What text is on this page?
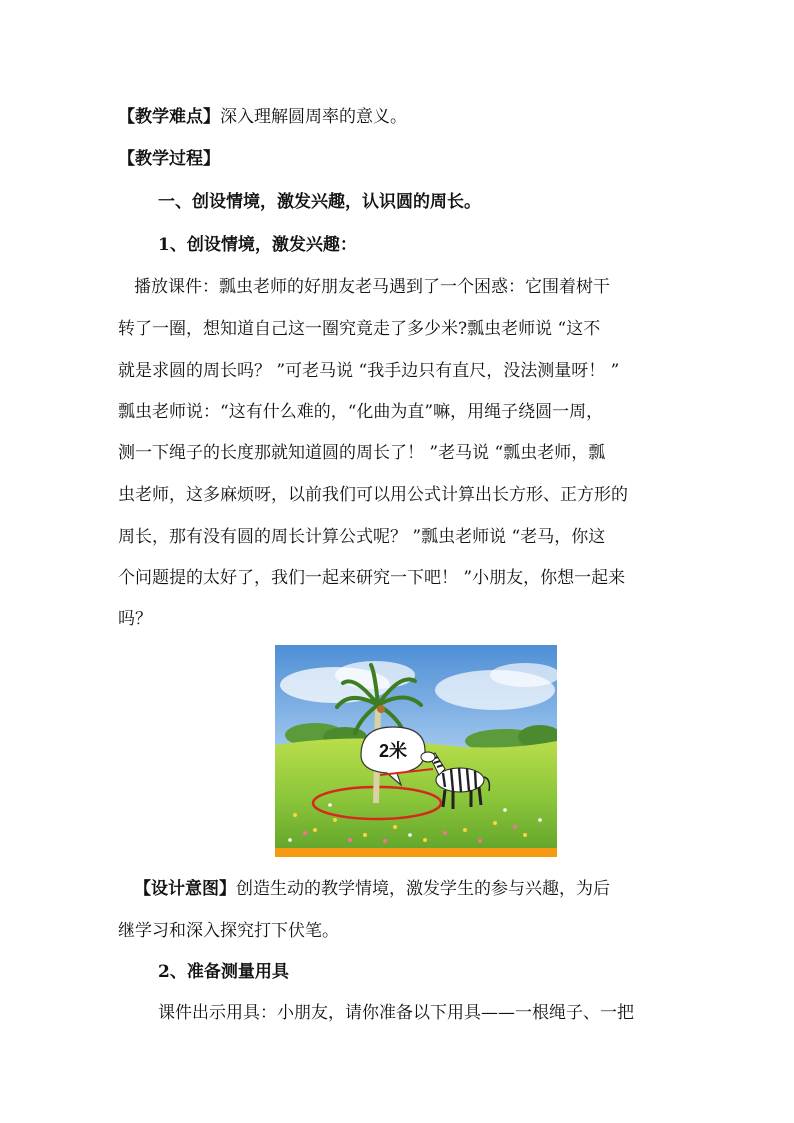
【教学难点】深入理解圆周率的意义。
【教学过程】
一、创设情境，激发兴趣，认识圆的周长。
1、创设情境，激发兴趣：
播放课件：瓢虫老师的好朋友老马遇到了一个困惑：它围着树干
转了一圈，想知道自己这一圈究竟走了多少米?瓢虫老师说 “这不
就是求圆的周长吗？ ”可老马说 “我手边只有直尺，没法测量呀！ ”
瓢虫老师说：“这有什么难的，“化曲为直”嘛，用绳子绕圆一周，
测一下绳子的长度那就知道圆的周长了！ ”老马说 “瓢虫老师，瓢
虫老师，这多麻烦呀，以前我们可以用公式计算出长方形、正方形的
周长，那有没有圆的周长计算公式呢？ ”瓢虫老师说 “老马，你这
个问题提的太好了，我们一起来研究一下吧！ ”小朋友，你想一起来
吗？
2米
【设计意图】创造生动的教学情境，激发学生的参与兴趣，为后
继学习和深入探究打下伏笔。
2、准备测量用具
课件出示用具：小朋友，请你准备以下用具——一根绳子、一把
